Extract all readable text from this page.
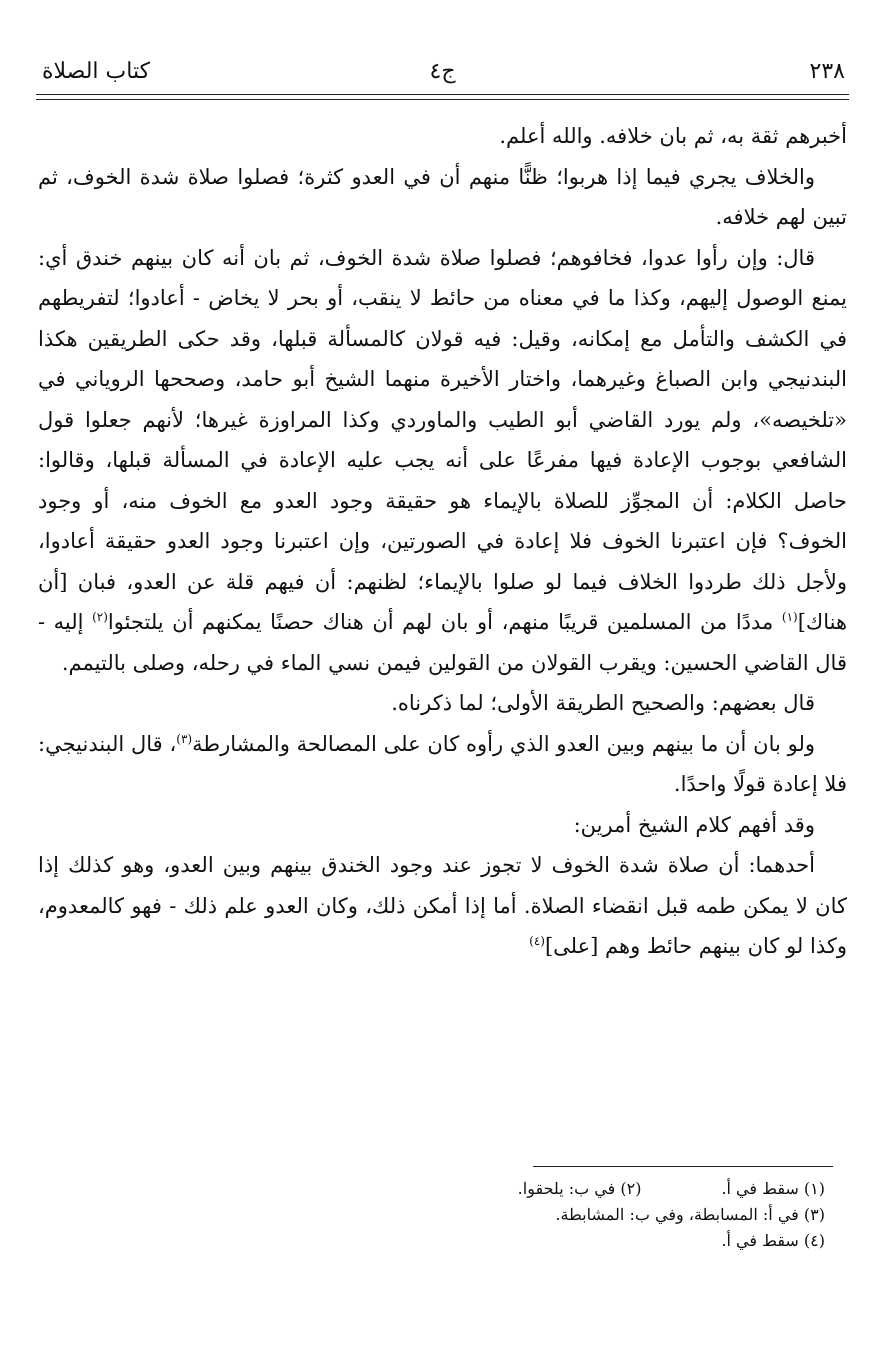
٢٣٨
ج٤
كتاب الصلاة

أخبرهم ثقة به، ثم بان خلافه. والله أعلم.

والخلاف يجري فيما إذا هربوا؛ ظنًّا منهم أن في العدو كثرة؛ فصلوا صلاة شدة الخوف، ثم تبين لهم خلافه.

قال: وإن رأوا عدوا، فخافوهم؛ فصلوا صلاة شدة الخوف، ثم بان أنه كان بينهم خندق أي: يمنع الوصول إليهم، وكذا ما في معناه من حائط لا ينقب، أو بحر لا يخاض - أعادوا؛ لتفريطهم في الكشف والتأمل مع إمكانه، وقيل: فيه قولان كالمسألة قبلها، وقد حكى الطريقين هكذا البندنيجي وابن الصباغ وغيرهما، واختار الأخيرة منهما الشيخ أبو حامد، وصححها الروياني في «تلخيصه»، ولم يورد القاضي أبو الطيب والماوردي وكذا المراوزة غيرها؛ لأنهم جعلوا قول الشافعي بوجوب الإعادة فيها مفرعًا على أنه يجب عليه الإعادة في المسألة قبلها، وقالوا: حاصل الكلام: أن المجوِّز للصلاة بالإيماء هو حقيقة وجود العدو مع الخوف منه، أو وجود الخوف؟ فإن اعتبرنا الخوف فلا إعادة في الصورتين، وإن اعتبرنا وجود العدو حقيقة أعادوا، ولأجل ذلك طردوا الخلاف فيما لو صلوا بالإيماء؛ لظنهم: أن فيهم قلة عن العدو، فبان [أن هناك]$^{(١)}$ مددًا من المسلمين قريبًا منهم، أو بان لهم أن هناك حصنًا يمكنهم أن يلتجئوا$^{(٢)}$ إليه - قال القاضي الحسين: ويقرب القولان من القولين فيمن نسي الماء في رحله، وصلى بالتيمم.

قال بعضهم: والصحيح الطريقة الأولى؛ لما ذكرناه.

ولو بان أن ما بينهم وبين العدو الذي رأوه كان على المصالحة والمشارطة$^{(٣)}$، قال البندنيجي: فلا إعادة قولًا واحدًا.

وقد أفهم كلام الشيخ أمرين:

أحدهما: أن صلاة شدة الخوف لا تجوز عند وجود الخندق بينهم وبين العدو، وهو كذلك إذا كان لا يمكن طمه قبل انقضاء الصلاة. أما إذا أمكن ذلك، وكان العدو علم ذلك - فهو كالمعدوم، وكذا لو كان بينهم حائط وهم [على]$^{(٤)}$

(١) سقط في أ.
(٢) في ب: يلحقوا.
(٣) في أ: المسابطة، وفي ب: المشابطة.
(٤) سقط في أ.
